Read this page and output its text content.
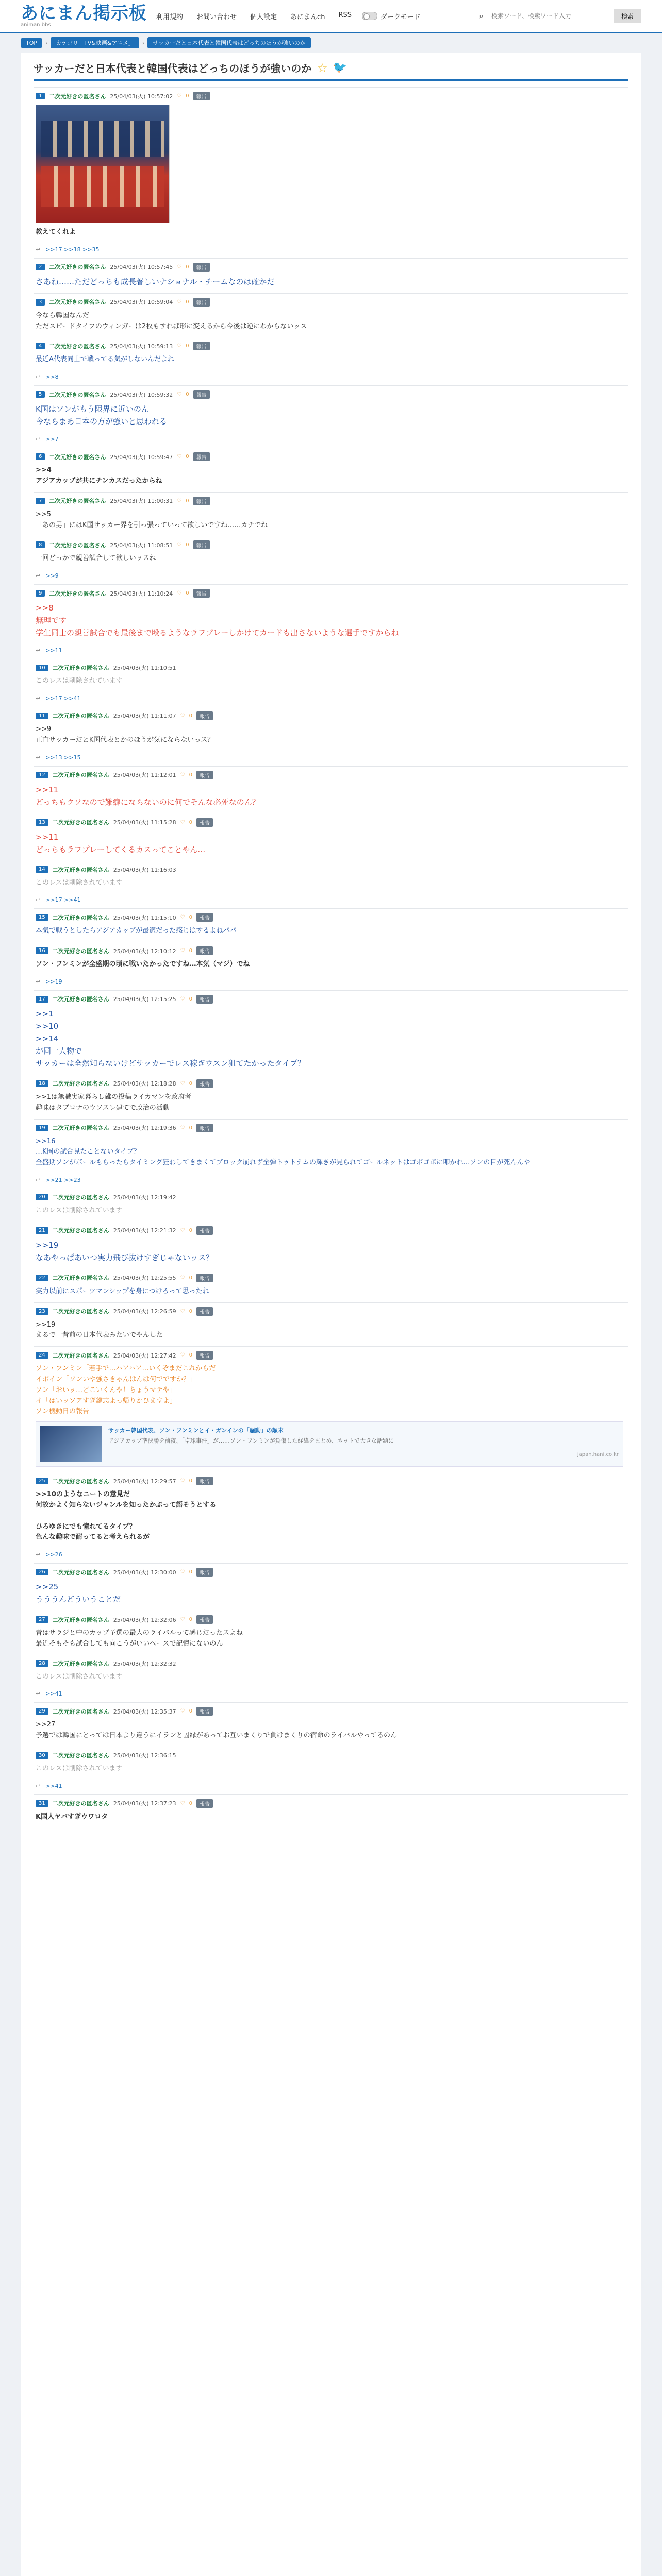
あにまん掲示板
animan bbs
利用規約 お問い合わせ 個人設定 あにまんch RSS	ダークモード	⌕
検索ワード、検索ワード入力	検索
TOP	›	カテゴリ「TV&映画&アニメ」	›	サッカーだと日本代表と韓国代表はどっちのほうが強いのか
サッカーだと日本代表と韓国代表はどっちのほうが強いのか ☆ 🐦
1	二次元好きの匿名さん 25/04/03(火) 10:57:02 ♡ 0	報告
教えてくれよ
↩ >>17 >>18 >>35
2	二次元好きの匿名さん 25/04/03(火) 10:57:45 ♡ 0	報告
さあね……ただどっちも成長著しいナショナル・チームなのは確かだ
3	二次元好きの匿名さん 25/04/03(火) 10:59:04 ♡ 0	報告
今なら韓国なんだ
ただスピードタイプのウィンガーは2枚もすれば形に変えるから今後は逆にわからないッス
4	二次元好きの匿名さん 25/04/03(火) 10:59:13 ♡ 0	報告
最近A代表同士で戦ってる気がしないんだよね
↩ >>8
5	二次元好きの匿名さん 25/04/03(火) 10:59:32 ♡ 0	報告
K国はソンがもう限界に近いのん
今ならまあ日本の方が強いと思われる
↩ >>7
6	二次元好きの匿名さん 25/04/03(火) 10:59:47 ♡ 0	報告
>>4
アジアカップが共にチンカスだったからね
7	二次元好きの匿名さん 25/04/03(火) 11:00:31 ♡ 0	報告
>>5
「あの男」にはK国サッカー界を引っ張っていって欲しいですね……カチでね
8	二次元好きの匿名さん 25/04/03(火) 11:08:51 ♡ 0	報告
一回どっかで親善試合して欲しいッスね
↩ >>9
9	二次元好きの匿名さん 25/04/03(火) 11:10:24 ♡ 0	報告
>>8
無理です
学生同士の親善試合でも最後まで殴るようなラフプレーしかけてカードも出さないような選手ですからね
↩ >>11
10	二次元好きの匿名さん 25/04/03(火) 11:10:51
このレスは削除されています
↩ >>17 >>41
11	二次元好きの匿名さん 25/04/03(火) 11:11:07 ♡ 0	報告
>>9
正直サッカーだとK国代表とかのほうが気にならないっス？
↩ >>13 >>15
12	二次元好きの匿名さん 25/04/03(火) 11:12:01 ♡ 0	報告
>>11
どっちもクソなので難癖にならないのに何でそんな必死なのん？
13	二次元好きの匿名さん 25/04/03(火) 11:15:28 ♡ 0	報告
>>11
どっちもラフプレーしてくるカスってことやん…
14	二次元好きの匿名さん 25/04/03(火) 11:16:03
このレスは削除されています
↩ >>17 >>41
15	二次元好きの匿名さん 25/04/03(火) 11:15:10 ♡ 0	報告
本気で戦うとしたらアジアカップが最適だった感じはするよねパパ
16	二次元好きの匿名さん 25/04/03(火) 12:10:12 ♡ 0	報告
ソン・フンミンが全盛期の頃に戦いたかったですね…本気（マジ）でね
↩ >>19
17	二次元好きの匿名さん 25/04/03(火) 12:15:25 ♡ 0	報告
>>1
>>10
>>14
が同一人物で
サッカーは全然知らないけどサッカーでレス稼ぎウスン狙てたかったタイプ？
18	二次元好きの匿名さん 25/04/03(火) 12:18:28 ♡ 0	報告
>>1は無職実家暮らし雑の投稿ライカマンを政府者
趣味はタブロナのウソスレ建てで政治の活動
19	二次元好きの匿名さん 25/04/03(火) 12:19:36 ♡ 0	報告
>>16
…K国の試合見たことないタイプ？
全盛期ソンがボールもらったらタイミング狂わしてきまくてブロック崩れず全弾トゥトナムの輝きが見られてゴールネットはゴボゴボに叩かれ…ソンの目が死んんや
↩ >>21 >>23
20	二次元好きの匿名さん 25/04/03(火) 12:19:42
このレスは削除されています
21	二次元好きの匿名さん 25/04/03(火) 12:21:32 ♡ 0	報告
>>19
なあやっぱあいつ実力飛び抜けすぎじゃないッス？
22	二次元好きの匿名さん 25/04/03(火) 12:25:55 ♡ 0	報告
実力以前にスポーツマンシップを身につけろって思ったね
23	二次元好きの匿名さん 25/04/03(火) 12:26:59 ♡ 0	報告
>>19
まるで一昔前の日本代表みたいでやんした
24	二次元好きの匿名さん 25/04/03(火) 12:27:42 ♡ 0	報告
ソン・フンミン「若手で…ハアハア…いくぞまだこれからだ」
イボイン「ソンいや強さきゃんはんは何でですか？」
ソン「おいッ…どこいくんや！ちょうマテや」
イ「はいッソアすぎ鍵志よっ帰りかひますよ」
ソン機動日の報告
サッカー韓国代表、ソン・フンミンとイ・ガンインの「騒動」の顛末
アジアカップ準決勝を前夜、「卓球事件」が……ソン・フンミンが負傷した経緯をまとめ、ネットで大きな話題に
japan.hani.co.kr
25	二次元好きの匿名さん 25/04/03(火) 12:29:57 ♡ 0	報告
>>10のようなニートの意見だ
何故かよく知らないジャンルを知ったかぶって語そうとする

ひろゆきにでも憧れてるタイプ？
色んな趣味で耐ってると考えられるが
↩ >>26
26	二次元好きの匿名さん 25/04/03(火) 12:30:00 ♡ 0	報告
>>25
うううんどういうことだ
27	二次元好きの匿名さん 25/04/03(火) 12:32:06 ♡ 0	報告
昔はサラジと中のカップ予選の最大のライバルって感じだったスよね
最近そもそも試合しても向こうがいいペースで記憶にないのん
28	二次元好きの匿名さん 25/04/03(火) 12:32:32
このレスは削除されています
↩ >>41
29	二次元好きの匿名さん 25/04/03(火) 12:35:37 ♡ 0	報告
>>27
予選では韓国にとっては日本より違うにイランと因縁があってお互いまくりで負けまくりの宿命のライバルやってるのん
30	二次元好きの匿名さん 25/04/03(火) 12:36:15
このレスは削除されています
↩ >>41
31	二次元好きの匿名さん 25/04/03(火) 12:37:23 ♡ 0	報告
K国人ヤバすぎウワロタ
